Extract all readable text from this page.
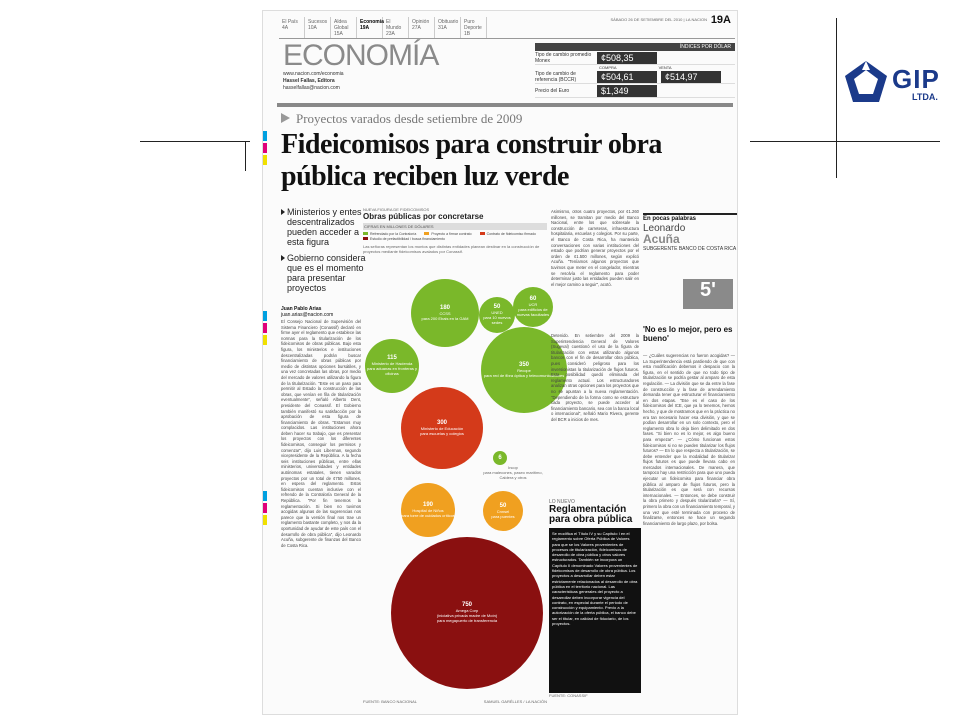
GIP
LTDA.
El País 4A
Sucesos 10A
Aldea Global 15A
Economía 19A
El Mundo 23A
Opinión 27A
Obituario 31A
Puro Deporte 1B
SÁBADO 26 DE SETIEMBRE DEL 2010 | LA NACION 19A
ECONOMÍA
www.nacion.com/economia
Hassel Fallas, Editora
hasselfallas@nacion.com
ÍNDICES POR DÓLAR
Tipo de cambio promedio Monex	¢508,35
COMPRA	VENTA
Tipo de cambio de referencia (BCCR)	¢504,61	¢514,97
Precio del Euro	$1,349
Proyectos varados desde setiembre de 2009
Fideicomisos para construir obra pública reciben luz verde
Ministerios y entes descentralizados pueden acceder a esta figura
Gobierno considera que es el momento para presentar proyectos
Juan Pablo Arias
juan.arias@nacion.com
El Consejo Nacional de Supervisión del Sistema Financiero (Conassif) declaró en firme ayer el reglamento que establece las normas para la titularización de los fideicomisos de obras públicas. Bajo esta figura, los ministerios e instituciones descentralizadas podrán buscar financiamiento de obras públicas por medio de distintas opciones bursátiles, y una vez concretadas las obras, por medio del mercado de valores utilizando la figura de la titularización. "Este es un paso para permitir al Estado la construcción de las obras, que venían en fila de titularización eventualmente", señaló Alberto Dent, presidente del Conassif. El Gobierno también manifestó su satisfacción por la aprobación de esta figura de financiamiento de obras. "Estamos muy complacidos. Las instituciones ahora deben hacer su trabajo, que es presentar los proyectos con los diferentes fideicomisos, conseguir los permisos y comenzar", dijo Luis Liberman, segundo vicepresidente de la República. A la fecha seis instituciones públicas, entre ellas ministerios, universidades y entidades autónomas estatales, tienen varados proyectos por un total de ¢750 millones, en espera del reglamento. Estos fideicomisos cuentan inclusive con el refrendo de la Contraloría General de la República. "Por fin tenemos la reglamentación. Si bien no tuvimos acogidas algunas de las sugerencias nos parece que la versión final nos trae un reglamento bastante completo, y nos da la oportunidad de ayudar de este país con el desarrollo de obra pública", dijo Leonardo Acuña, subgerente de finanzas del Banco de Costa Rica.
NUEVA FIGURA DE FIDEICOMISOS
Obras públicas por concretarse
CIFRAS EN MILLONES DE DÓLARES
Refrendado por la Contraloría	Proyecto a firmar contrato	Contrato de fideicomiso firmado
Estudio de prefactibilidad / busca financiamiento
Las señoras representan los montos que distintas entidades planean destinar en la construcción de proyectos mediante fideicomisos avalados por Conassif.
180
CCSS
para 200 Ebais en la GAM
50
UNED
para 10 nuevos sedes
60
UCR
para edificios de nuevas facultades
115
Ministerio de Hacienda
para aduanas en fronteras y oficinas
350
Recope
para red de fibra óptica y telecomunicaciones
300
Ministerio de Educación
para escuelas y colegios
6
Incop
para malecones, paseo marítimo, Caldera y otros
190
Hospital de Niños
para torre de cuidados críticos
50
Cnnsel
para puentes
750
Amega Corp
(iniciativa privada madre de Moín)
para megapuerto de transferencia
FUENTE: BANCO NACIONAL	SAMUEL GARÉLLES / LA NACIÓN
Asimismo, otros cuatro proyectos, por ¢1.260 millones, se tramitan por medio del Banco Nacional, entre los que sobresale la construcción de carreteras, infraestructura hospitalaria, escuelas y colegios. Por su parte, el Banco de Costa Rica, ha mantenido conversaciones con varias instituciones del estado que podrían generar proyectos por el orden de ¢1.500 millones, según explicó Acuña. "Teníamos algunos proyectos que tuvimos que meter en el congelador, mientras se resolvía el reglamento para poder determinar justo las entidades pueden salir en el mejor camino a seguir", acotó.
Detenido. En setiembre del 2009 la Superintendencia General de Valores (Sugeval) cuestionó el uso de la figura de titularización con estas utilizando algunos bancos con el fin de desarrollar obra pública, pues consideró peligroso para los inversionistas la titularización de flujos futuros. Esta posibilidad quedó eliminada del reglamento actual. Los estructuradores analizan otras opciones para los proyectos que no se apuntan a la nueva reglamentación. "Dependiendo de la forma como se estructure cada proyecto, se puede acceder al financiamiento bancario, sea con la banca local o internacional", señaló Mario Rivera, gerente del BCR a inicios de mes.
LO NUEVO
Reglamentación para obra pública
Se modifica el Título IV y su Capítulo I en el reglamento sobre Oferta Pública de Valores para que se los Valores provenientes de procesos de titularización, fideicomisos de desarrollo de obra pública y otros valores estructurados. También se incorpora un Capítulo II denominado Valores provenientes de fideicomisos de desarrollo de obra pública. Los proyectos a desarrollar deben estar estrictamente relacionados al desarrollo de obra pública en el territorio nacional. Las características generales del proyecto a desarrollar deben incorporar vigencia del contrato, en especial durante el periodo de construcción y equipamiento. Previo a la autorización de la oferta pública, el banco debe ser el titular, en calidad de fiduciario, de los proyectos.
FUENTE: CONASSIF
En pocas palabras
Leonardo
Acuña
SUBGERENTE BANCO DE COSTA RICA
5'
'No es lo mejor, pero es bueno'
— ¿Cuáles sugerencias no fueron acogidas? — La Superintendencia está pardiendo de que con esta modificación debemos ir despacio con la figura, en el sentido de que no todo tipo de titularización se podría gestar al amparo de esta regulación. — La división que se da entre la fase de construcción y la fase de arrendamiento demanda tener que estructurar el financiamiento en dos etapas. "Ese es el caso de los fideicomisos del ICE, que ya lo tenemos, hemos hecho, y que de mostramos que en la práctica no era tan necesario hacer esa división, y que se podían desarrollar en un solo contexto, pero el reglamento obra lo deja bien delimitado en dos fases. "Si bien no es lo mejor, es algo bueno para empezar". — ¿Cómo funcionan estos fideicomisos si no se pueden titularizar los flujos futuros? — En lo que respecta a titularización, se debe entender que la modalidad de titularizar flujos futuros es que puede llevara cabo en mercados internacionales. De manera, que tampoco hay una restricción para que uno pueda ejecutar un fideicomiso para financiar obra pública al amparo de flujos futuros, pero la titularización es que será con recursos internacionales. — Entonces, se debe construir la obra primero y después titularizarla? — Sí, primero la obra con un financiamiento temporal, y una vez que esté terminada con proceso de finalizarse, entonces se hace un segundo financiamiento de largo plazo, por bolsa.
